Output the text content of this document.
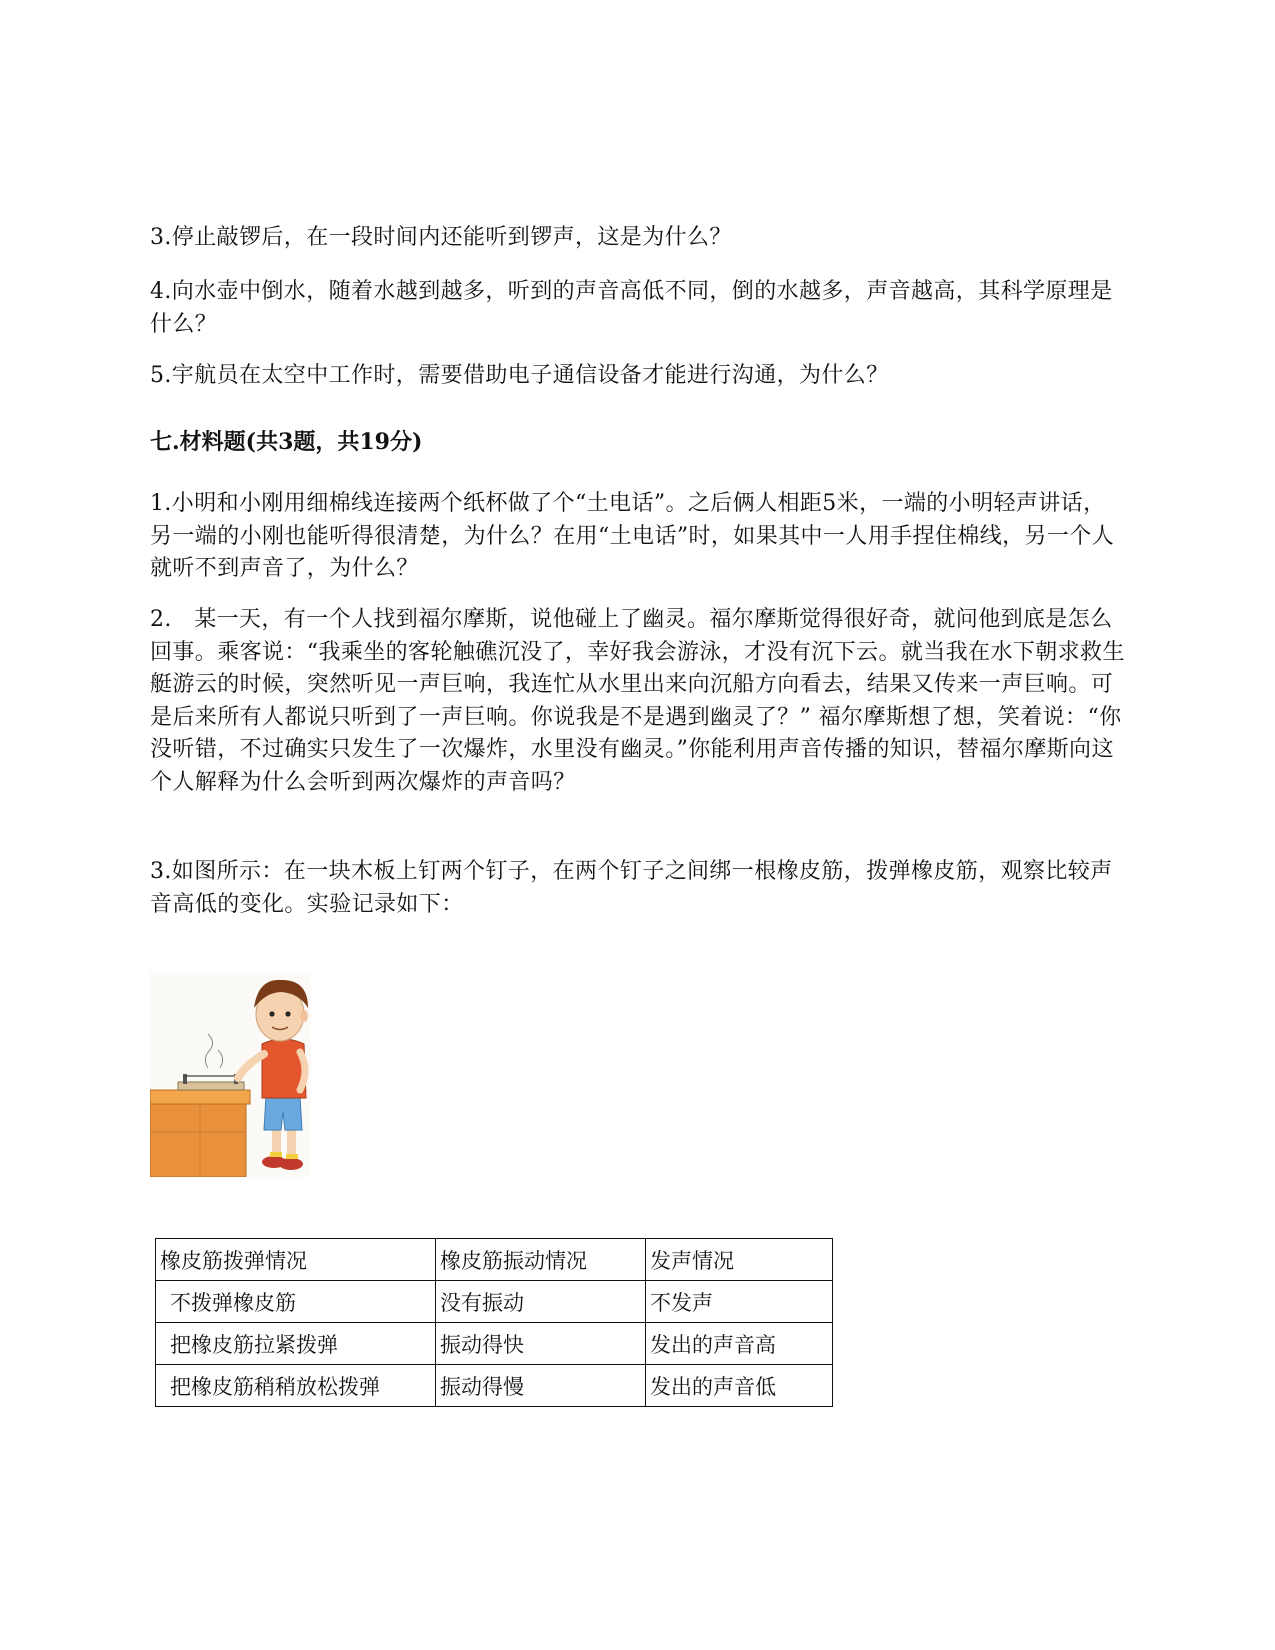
3.停止敲锣后，在一段时间内还能听到锣声，这是为什么？

4.向水壶中倒水，随着水越到越多，听到的声音高低不同，倒的水越多，声音越高，其科学原理是什么？

5.宇航员在太空中工作时，需要借助电子通信设备才能进行沟通，为什么？

七.材料题(共3题，共19分)

1.小明和小刚用细棉线连接两个纸杯做了个“土电话”。之后俩人相距5米，一端的小明轻声讲话，另一端的小刚也能听得很清楚，为什么？在用“土电话”时，如果其中一人用手捏住棉线，另一个人就听不到声音了，为什么？

2.　某一天，有一个人找到福尔摩斯，说他碰上了幽灵。福尔摩斯觉得很好奇，就问他到底是怎么回事。乘客说：“我乘坐的客轮触礁沉没了，幸好我会游泳，才没有沉下云。就当我在水下朝求救生艇游云的时候，突然听见一声巨响，我连忙从水里出来向沉船方向看去，结果又传来一声巨响。可是后来所有人都说只听到了一声巨响。你说我是不是遇到幽灵了？” 福尔摩斯想了想，笑着说：“你没听错，不过确实只发生了一次爆炸，水里没有幽灵。”你能利用声音传播的知识，替福尔摩斯向这个人解释为什么会听到两次爆炸的声音吗？

3.如图所示：在一块木板上钉两个钉子，在两个钉子之间绑一根橡皮筋，拨弹橡皮筋，观察比较声音高低的变化。实验记录如下：

橡皮筋拨弹情况	橡皮筋振动情况	发声情况
不拨弹橡皮筋	没有振动	不发声
把橡皮筋拉紧拨弹	振动得快	发出的声音高
把橡皮筋稍稍放松拨弹	振动得慢	发出的声音低
